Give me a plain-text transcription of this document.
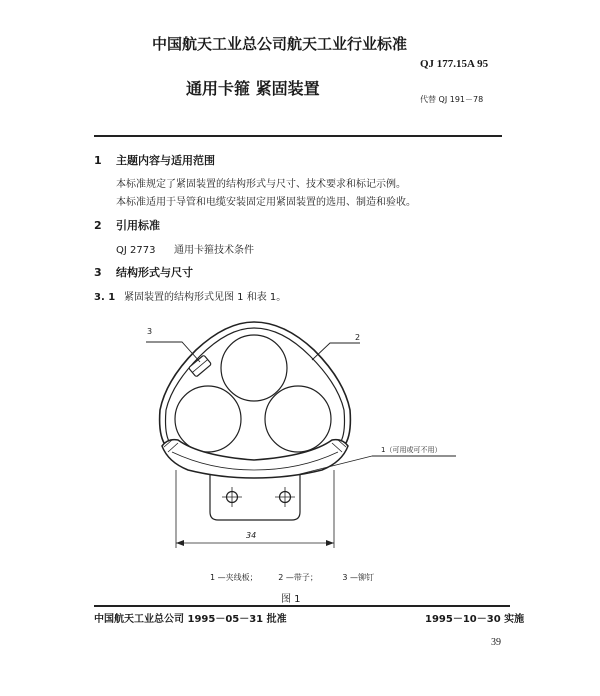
中国航天工业总公司航天工业行业标准
QJ 177.15A 95
通用卡箍 紧固装置
代替 QJ 191－78
1 主题内容与适用范围
本标准规定了紧固装置的结构形式与尺寸、技术要求和标记示例。
本标准适用于导管和电缆安装固定用紧固装置的选用、制造和验收。
2 引用标准
QJ 2773 通用卡箍技术条件
3 结构形式与尺寸
3. 1 紧固装置的结构形式见图 1 和表 1。
3
2
1（可用或可不用）
34
1 —夹线板；	2 —带子；	3 —铆钉
图 1
中国航天工业总公司 1995－05－31 批准	1995－10－30 实施
39
